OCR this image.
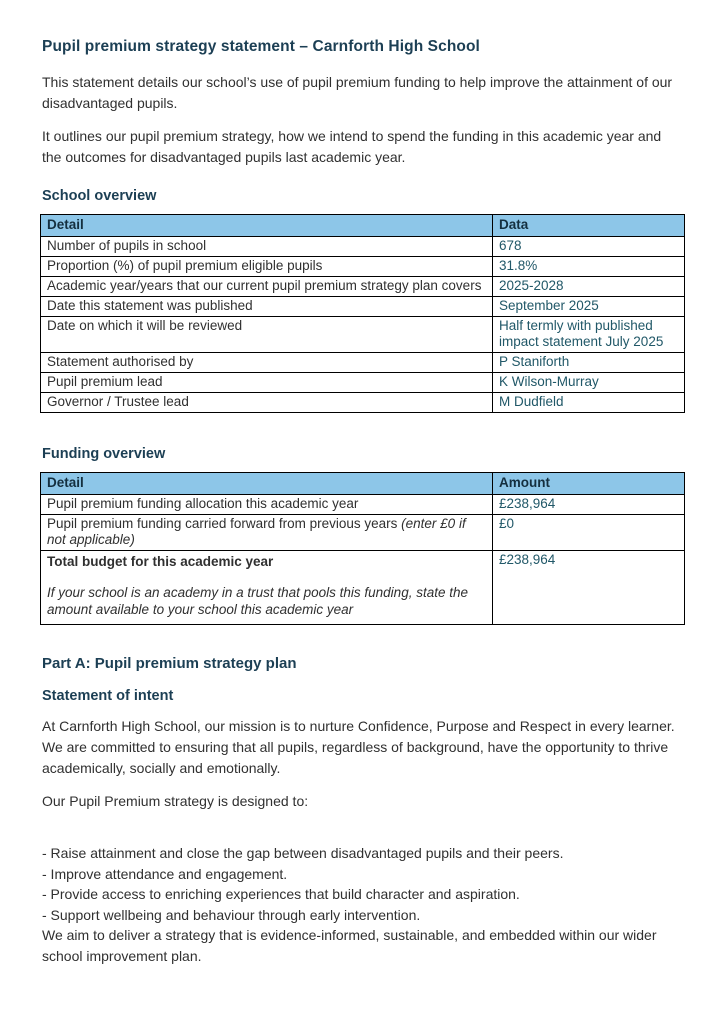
Pupil premium strategy statement – Carnforth High School

This statement details our school’s use of pupil premium funding to help improve the attainment of our disadvantaged pupils.

It outlines our pupil premium strategy, how we intend to spend the funding in this academic year and the outcomes for disadvantaged pupils last academic year.

School overview
Detail	Data
Number of pupils in school	678
Proportion (%) of pupil premium eligible pupils	31.8%
Academic year/years that our current pupil premium strategy plan covers	2025-2028
Date this statement was published	September 2025
Date on which it will be reviewed	Half termly with published impact statement July 2025
Statement authorised by	P Staniforth
Pupil premium lead	K Wilson-Murray
Governor / Trustee lead	M Dudfield
Funding overview
Detail	Amount
Pupil premium funding allocation this academic year	£238,964
Pupil premium funding carried forward from previous years (enter £0 if not applicable)	£0

Total budget for this academic year
If your school is an academy in a trust that pools this funding, state the amount available to your school this academic year	£238,964
Part A: Pupil premium strategy plan
Statement of intent

At Carnforth High School, our mission is to nurture Confidence, Purpose and Respect in every learner. We are committed to ensuring that all pupils, regardless of background, have the opportunity to thrive academically, socially and emotionally.

Our Pupil Premium strategy is designed to:

- Raise attainment and close the gap between disadvantaged pupils and their peers.
- Improve attendance and engagement.
- Provide access to enriching experiences that build character and aspiration.
- Support wellbeing and behaviour through early intervention.

We aim to deliver a strategy that is evidence-informed, sustainable, and embedded within our wider school improvement plan.
